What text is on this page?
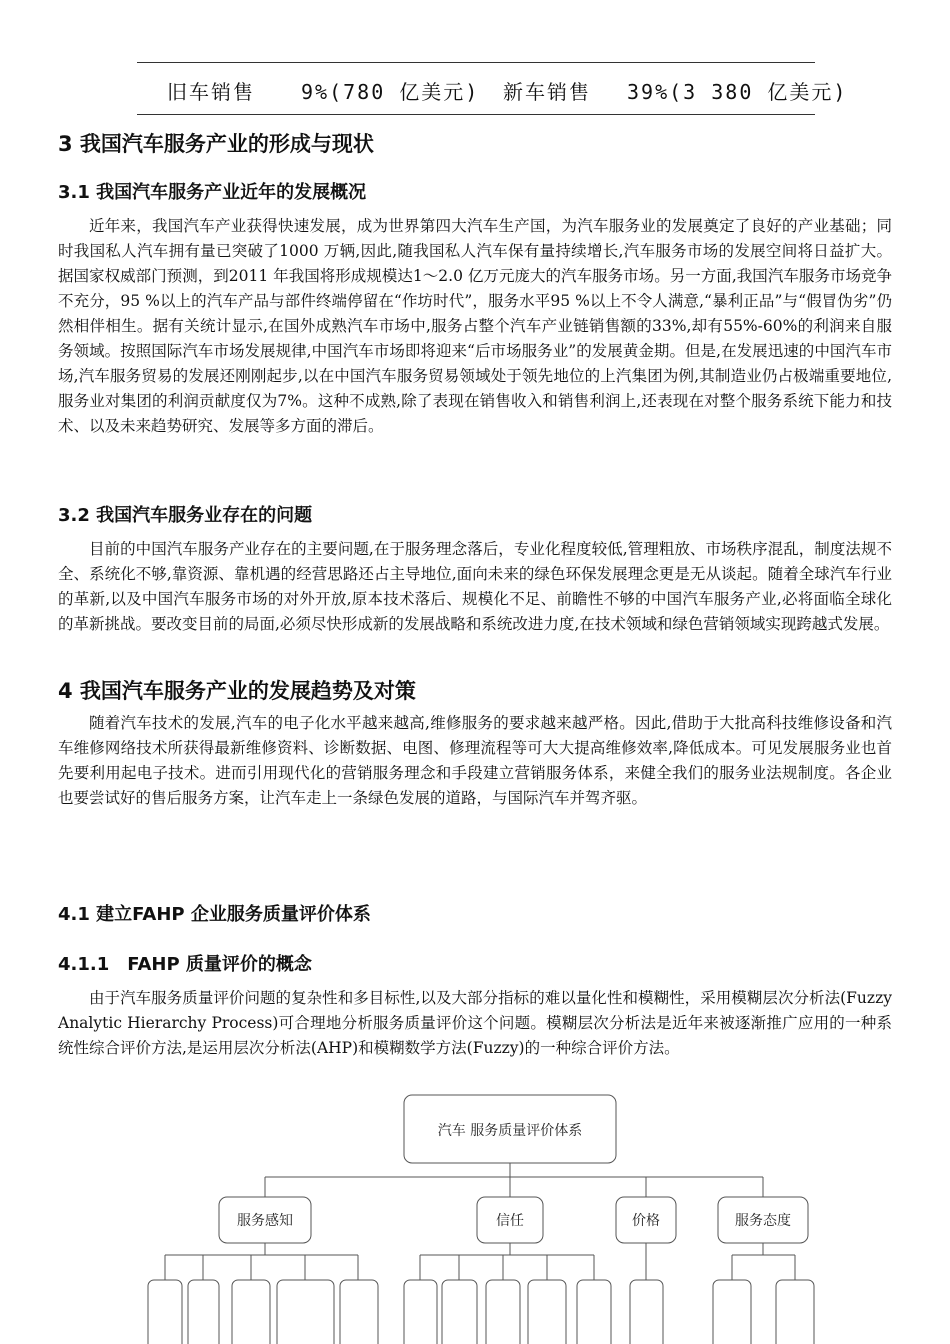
旧车销售 9%(780 亿美元) 新车销售 39%(3 380 亿美元)
3 我国汽车服务产业的形成与现状
3.1 我国汽车服务产业近年的发展概况

近年来，我国汽车产业获得快速发展，成为世界第四大汽车生产国，为汽车服务业的发展奠定了良好的产业基础；同时我国私人汽车拥有量已突破了1000 万辆,因此,随我国私人汽车保有量持续增长,汽车服务市场的发展空间将日益扩大。据国家权威部门预测，到2011 年我国将形成规模达1～2.0 亿万元庞大的汽车服务市场。另一方面,我国汽车服务市场竞争不充分，95 %以上的汽车产品与部件终端停留在“作坊时代”，服务水平95 %以上不令人满意,“暴利正品”与“假冒伪劣”仍然相伴相生。据有关统计显示,在国外成熟汽车市场中,服务占整个汽车产业链销售额的33%,却有55%-60%的利润来自服务领域。按照国际汽车市场发展规律,中国汽车市场即将迎来“后市场服务业”的发展黄金期。但是,在发展迅速的中国汽车市场,汽车服务贸易的发展还刚刚起步,以在中国汽车服务贸易领域处于领先地位的上汽集团为例,其制造业仍占极端重要地位,服务业对集团的利润贡献度仅为7%。这种不成熟,除了表现在销售收入和销售利润上,还表现在对整个服务系统下能力和技术、以及未来趋势研究、发展等多方面的滞后。

3.2 我国汽车服务业存在的问题

目前的中国汽车服务产业存在的主要问题,在于服务理念落后，专业化程度较低,管理粗放、市场秩序混乱，制度法规不全、系统化不够,靠资源、靠机遇的经营思路还占主导地位,面向未来的绿色环保发展理念更是无从谈起。随着全球汽车行业的革新,以及中国汽车服务市场的对外开放,原本技术落后、规模化不足、前瞻性不够的中国汽车服务产业,必将面临全球化的革新挑战。要改变目前的局面,必须尽快形成新的发展战略和系统改进力度,在技术领域和绿色营销领域实现跨越式发展。

4 我国汽车服务产业的发展趋势及对策

随着汽车技术的发展,汽车的电子化水平越来越高,维修服务的要求越来越严格。因此,借助于大批高科技维修设备和汽车维修网络技术所获得最新维修资料、诊断数据、电图、修理流程等可大大提高维修效率,降低成本。可见发展服务业也首先要利用起电子技术。进而引用现代化的营销服务理念和手段建立营销服务体系，来健全我们的服务业法规制度。各企业也要尝试好的售后服务方案，让汽车走上一条绿色发展的道路，与国际汽车并驾齐驱。

4.1 建立FAHP 企业服务质量评价体系
4.1.1　FAHP 质量评价的概念

由于汽车服务质量评价问题的复杂性和多目标性,以及大部分指标的难以量化性和模糊性，采用模糊层次分析法(Fuzzy Analytic Hierarchy Process)可合理地分析服务质量评价这个问题。模糊层次分析法是近年来被逐渐推广应用的一种系统性综合评价方法,是运用层次分析法(AHP)和模糊数学方法(Fuzzy)的一种综合评价方法。

汽车 服务质量评价体系
服务感知	信任	价格	服务态度
